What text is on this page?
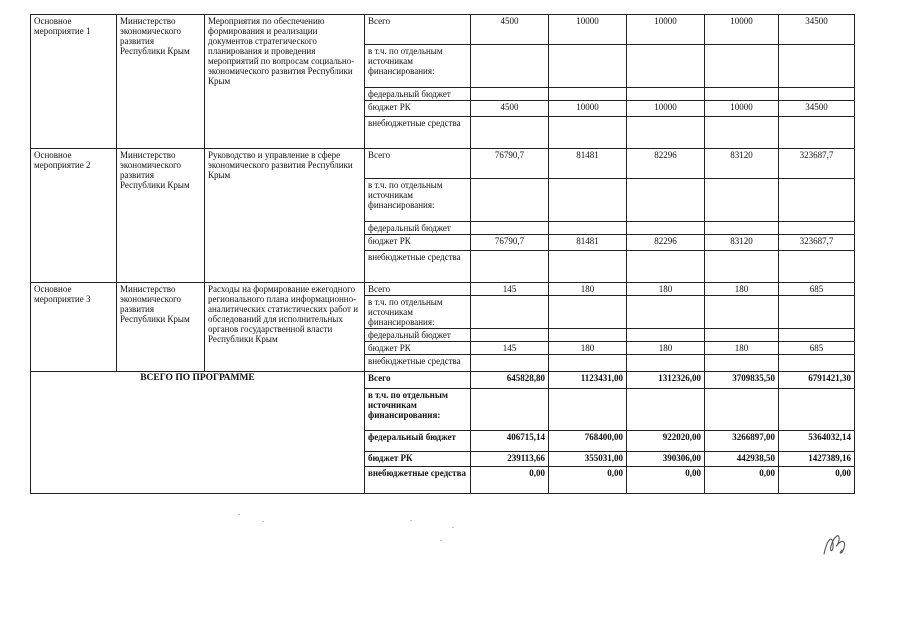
Основное мероприятие 1	Министерство экономического развития Республики Крым	Мероприятия по обеспечению формирования и реализации документов стратегического планирования и проведения мероприятий по вопросам социально-экономического развития Республики Крым	Всего	4500	10000	10000	10000	34500
			в т.ч. по отдельным источникам финансирования:					
			федеральный бюджет					
			бюджет РК	4500	10000	10000	10000	34500
			внебюджетные средства					
Основное мероприятие 2	Министерство экономического развития Республики Крым	Руководство и управление в сфере экономического развития Республики Крым	Всего	76790,7	81481	82296	83120	323687,7
			в т.ч. по отдельным источникам финансирования:					
			федеральный бюджет					
			бюджет РК	76790,7	81481	82296	83120	323687,7
			внебюджетные средства					
Основное мероприятие 3	Министерство экономического развития Республики Крым	Расходы на формирование ежегодного регионального плана информационно-аналитических статистических работ и обследований для исполнительных органов государственной власти Республики Крым	Всего	145	180	180	180	685
			в т.ч. по отдельным источникам финансирования:					
			федеральный бюджет					
			бюджет РК	145	180	180	180	685
			внебюджетные средства					
ВСЕГО ПО ПРОГРАММЕ			Всего	645828,80	1123431,00	1312326,00	3709835,50	6791421,30
			в т.ч. по отдельным источникам финансирования:					
			федеральный бюджет	406715,14	768400,00	922020,00	3266897,00	5364032,14
			бюджет РК	239113,66	355031,00	390306,00	442938,50	1427389,16
			внебюджетные средства	0,00	0,00	0,00	0,00	0,00
